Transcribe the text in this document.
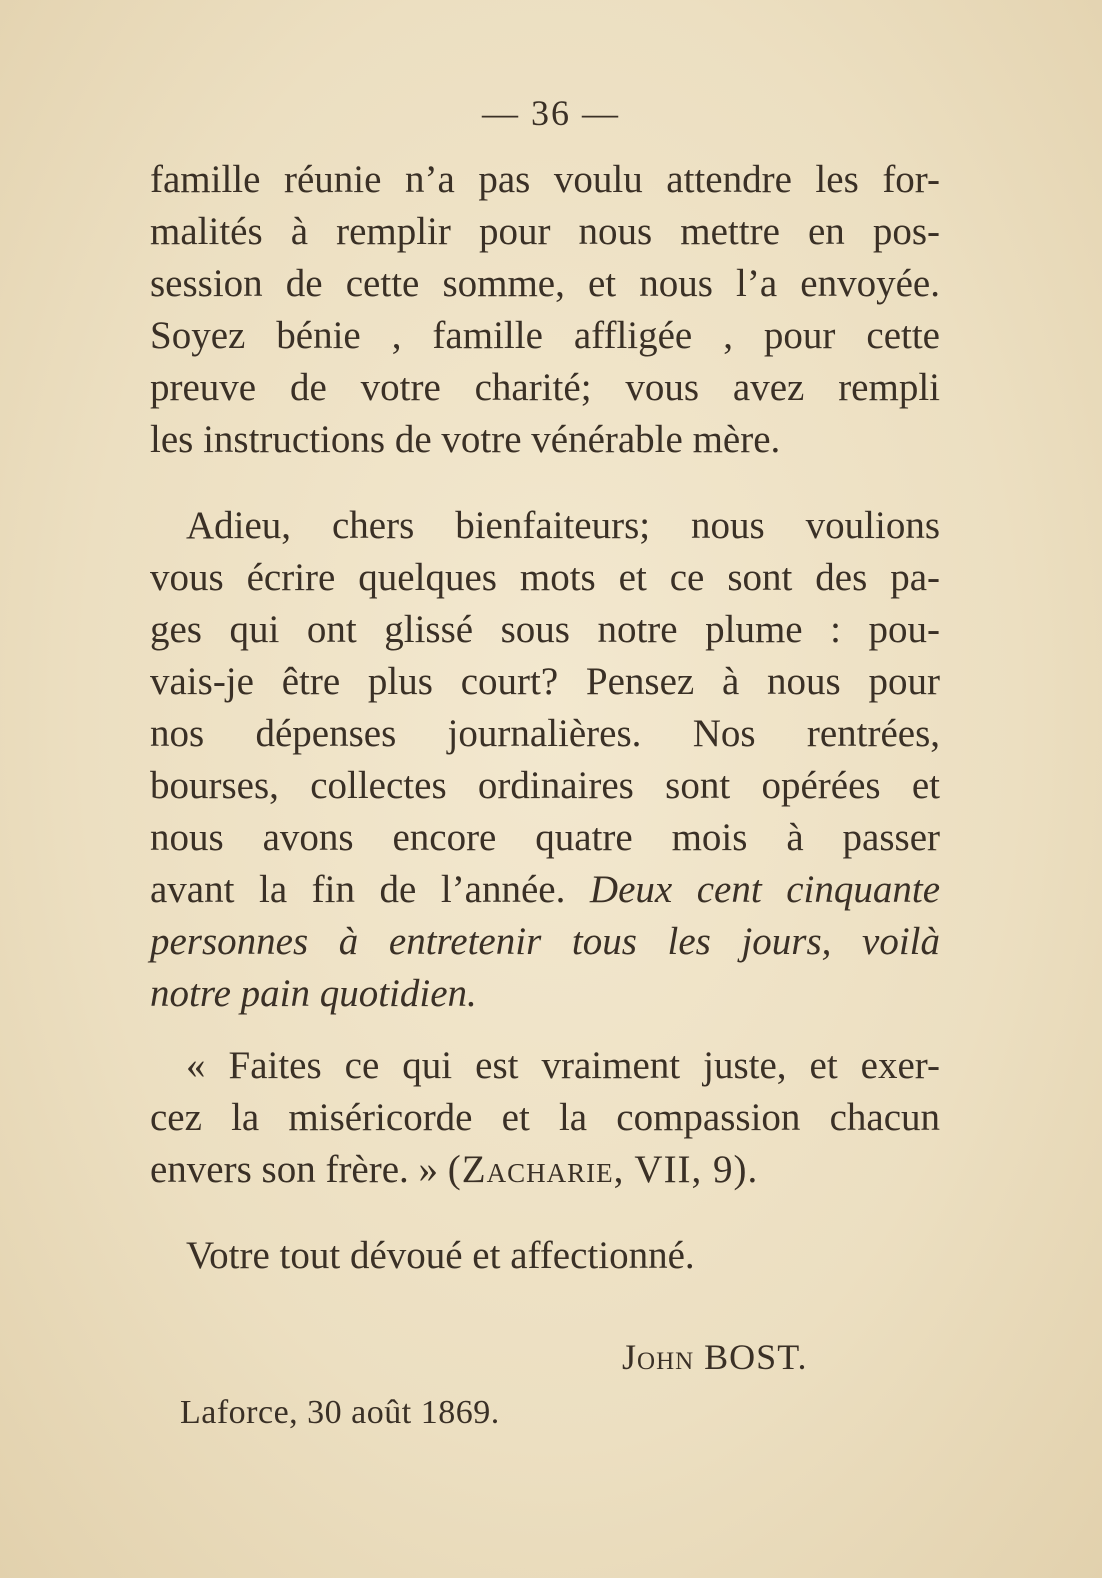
— 36 —
famille réunie n’a pas voulu attendre les for-
malités à remplir pour nous mettre en pos-
session de cette somme, et nous l’a envoyée.
Soyez bénie , famille affligée , pour cette
preuve de votre charité; vous avez rempli
les instructions de votre vénérable mère.
Adieu, chers bienfaiteurs; nous voulions
vous écrire quelques mots et ce sont des pa-
ges qui ont glissé sous notre plume : pou-
vais-je être plus court? Pensez à nous pour
nos dépenses journalières. Nos rentrées,
bourses, collectes ordinaires sont opérées et
nous avons encore quatre mois à passer
avant la fin de l’année. Deux cent cinquante
personnes à entretenir tous les jours, voilà
notre pain quotidien.
« Faites ce qui est vraiment juste, et exer-
cez la miséricorde et la compassion chacun
envers son frère. » (Zacharie, VII, 9).
Votre tout dévoué et affectionné.
John BOST.
Laforce, 30 août 1869.
